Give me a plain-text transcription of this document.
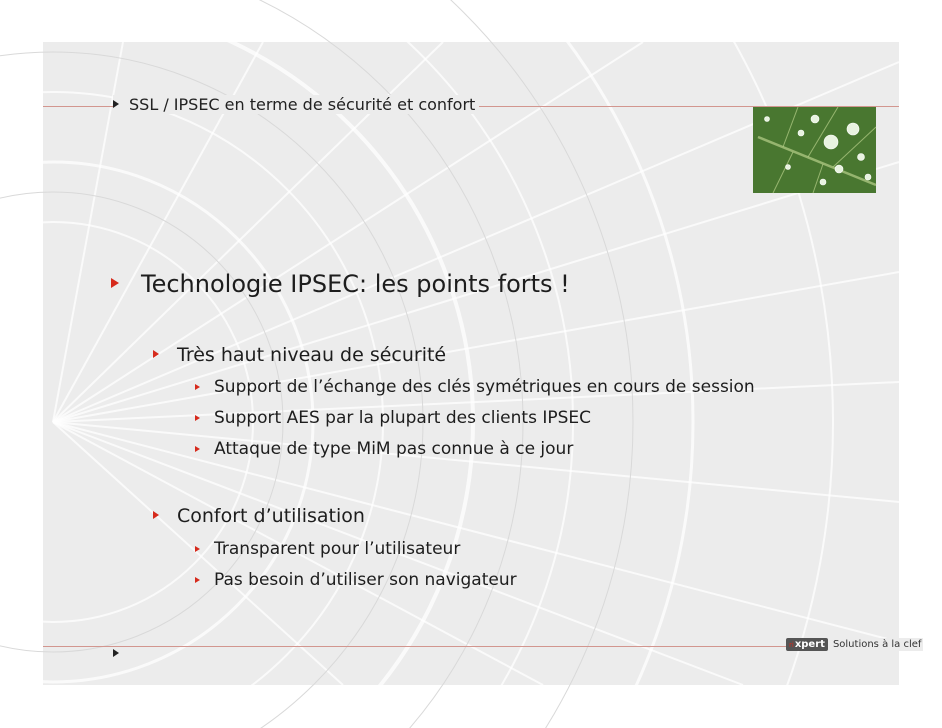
SSL / IPSEC en terme de sécurité et confort
Technologie IPSEC: les points forts !
Très haut niveau de sécurité
Support de l’échange des clés symétriques en cours de session
Support AES par la plupart des clients IPSEC
Attaque de type MiM pas connue à ce jour
Confort d’utilisation
Transparent pour l’utilisateur
Pas besoin d’utiliser son navigateur
rixpert Solutions à la clef
